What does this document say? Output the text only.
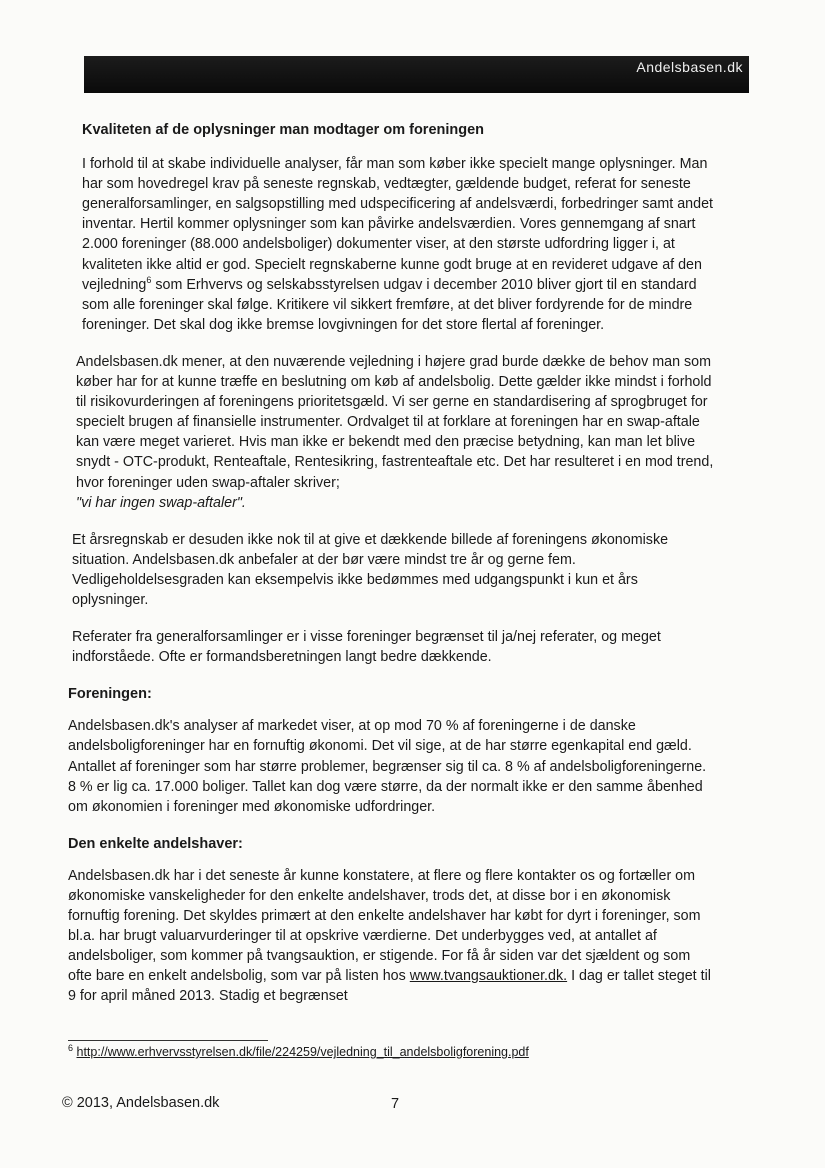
Andelsbasen.dk
Kvaliteten af de oplysninger man modtager om foreningen

I forhold til at skabe individuelle analyser, får man som køber ikke specielt mange oplysninger. Man har som hovedregel krav på seneste regnskab, vedtægter, gældende budget, referat for seneste generalforsamlinger, en salgsopstilling med udspecificering af andelsværdi, forbedringer samt andet inventar. Hertil kommer oplysninger som kan påvirke andelsværdien. Vores gennemgang af snart 2.000 foreninger (88.000 andelsboliger) dokumenter viser, at den største udfordring ligger i, at kvaliteten ikke altid er god. Specielt regnskaberne kunne godt bruge at en revideret udgave af den vejledning$^6$ som Erhvervs og selskabsstyrelsen udgav i december 2010 bliver gjort til en standard som alle foreninger skal følge. Kritikere vil sikkert fremføre, at det bliver fordyrende for de mindre foreninger. Det skal dog ikke bremse lovgivningen for det store flertal af foreninger.

Andelsbasen.dk mener, at den nuværende vejledning i højere grad burde dække de behov man som køber har for at kunne træffe en beslutning om køb af andelsbolig. Dette gælder ikke mindst i forhold til risikovurderingen af foreningens prioritetsgæld. Vi ser gerne en standardisering af sprogbruget for specielt brugen af finansielle instrumenter. Ordvalget til at forklare at foreningen har en swap-aftale kan være meget varieret. Hvis man ikke er bekendt med den præcise betydning, kan man let blive snydt - OTC-produkt, Renteaftale, Rentesikring, fastrenteaftale etc. Det har resulteret i en mod trend, hvor foreninger uden swap-aftaler skriver;
"vi har ingen swap-aftaler".

Et årsregnskab er desuden ikke nok til at give et dækkende billede af foreningens økonomiske situation. Andelsbasen.dk anbefaler at der bør være mindst tre år og gerne fem. Vedligeholdelsesgraden kan eksempelvis ikke bedømmes med udgangspunkt i kun et års oplysninger.

Referater fra generalforsamlinger er i visse foreninger begrænset til ja/nej referater, og meget indforståede. Ofte er formandsberetningen langt bedre dækkende.

Foreningen:

Andelsbasen.dk's analyser af markedet viser, at op mod 70 % af foreningerne i de danske andelsboligforeninger har en fornuftig økonomi. Det vil sige, at de har større egenkapital end gæld. Antallet af foreninger som har større problemer, begrænser sig til ca. 8 % af andelsboligforeningerne. 8 % er lig ca. 17.000 boliger. Tallet kan dog være større, da der normalt ikke er den samme åbenhed om økonomien i foreninger med økonomiske udfordringer.

Den enkelte andelshaver:

Andelsbasen.dk har i det seneste år kunne konstatere, at flere og flere kontakter os og fortæller om økonomiske vanskeligheder for den enkelte andelshaver, trods det, at disse bor i en økonomisk fornuftig forening. Det skyldes primært at den enkelte andelshaver har købt for dyrt i foreninger, som bl.a. har brugt valuarvurderinger til at opskrive værdierne. Det underbygges ved, at antallet af andelsboliger, som kommer på tvangsauktion, er stigende. For få år siden var det sjældent og som ofte bare en enkelt andelsbolig, som var på listen hos www.tvangsauktioner.dk. I dag er tallet steget til 9 for april måned 2013. Stadig et begrænset

$^6$ http://www.erhvervsstyrelsen.dk/file/224259/vejledning_til_andelsboligforening.pdf
© 2013, Andelsbasen.dk	7
